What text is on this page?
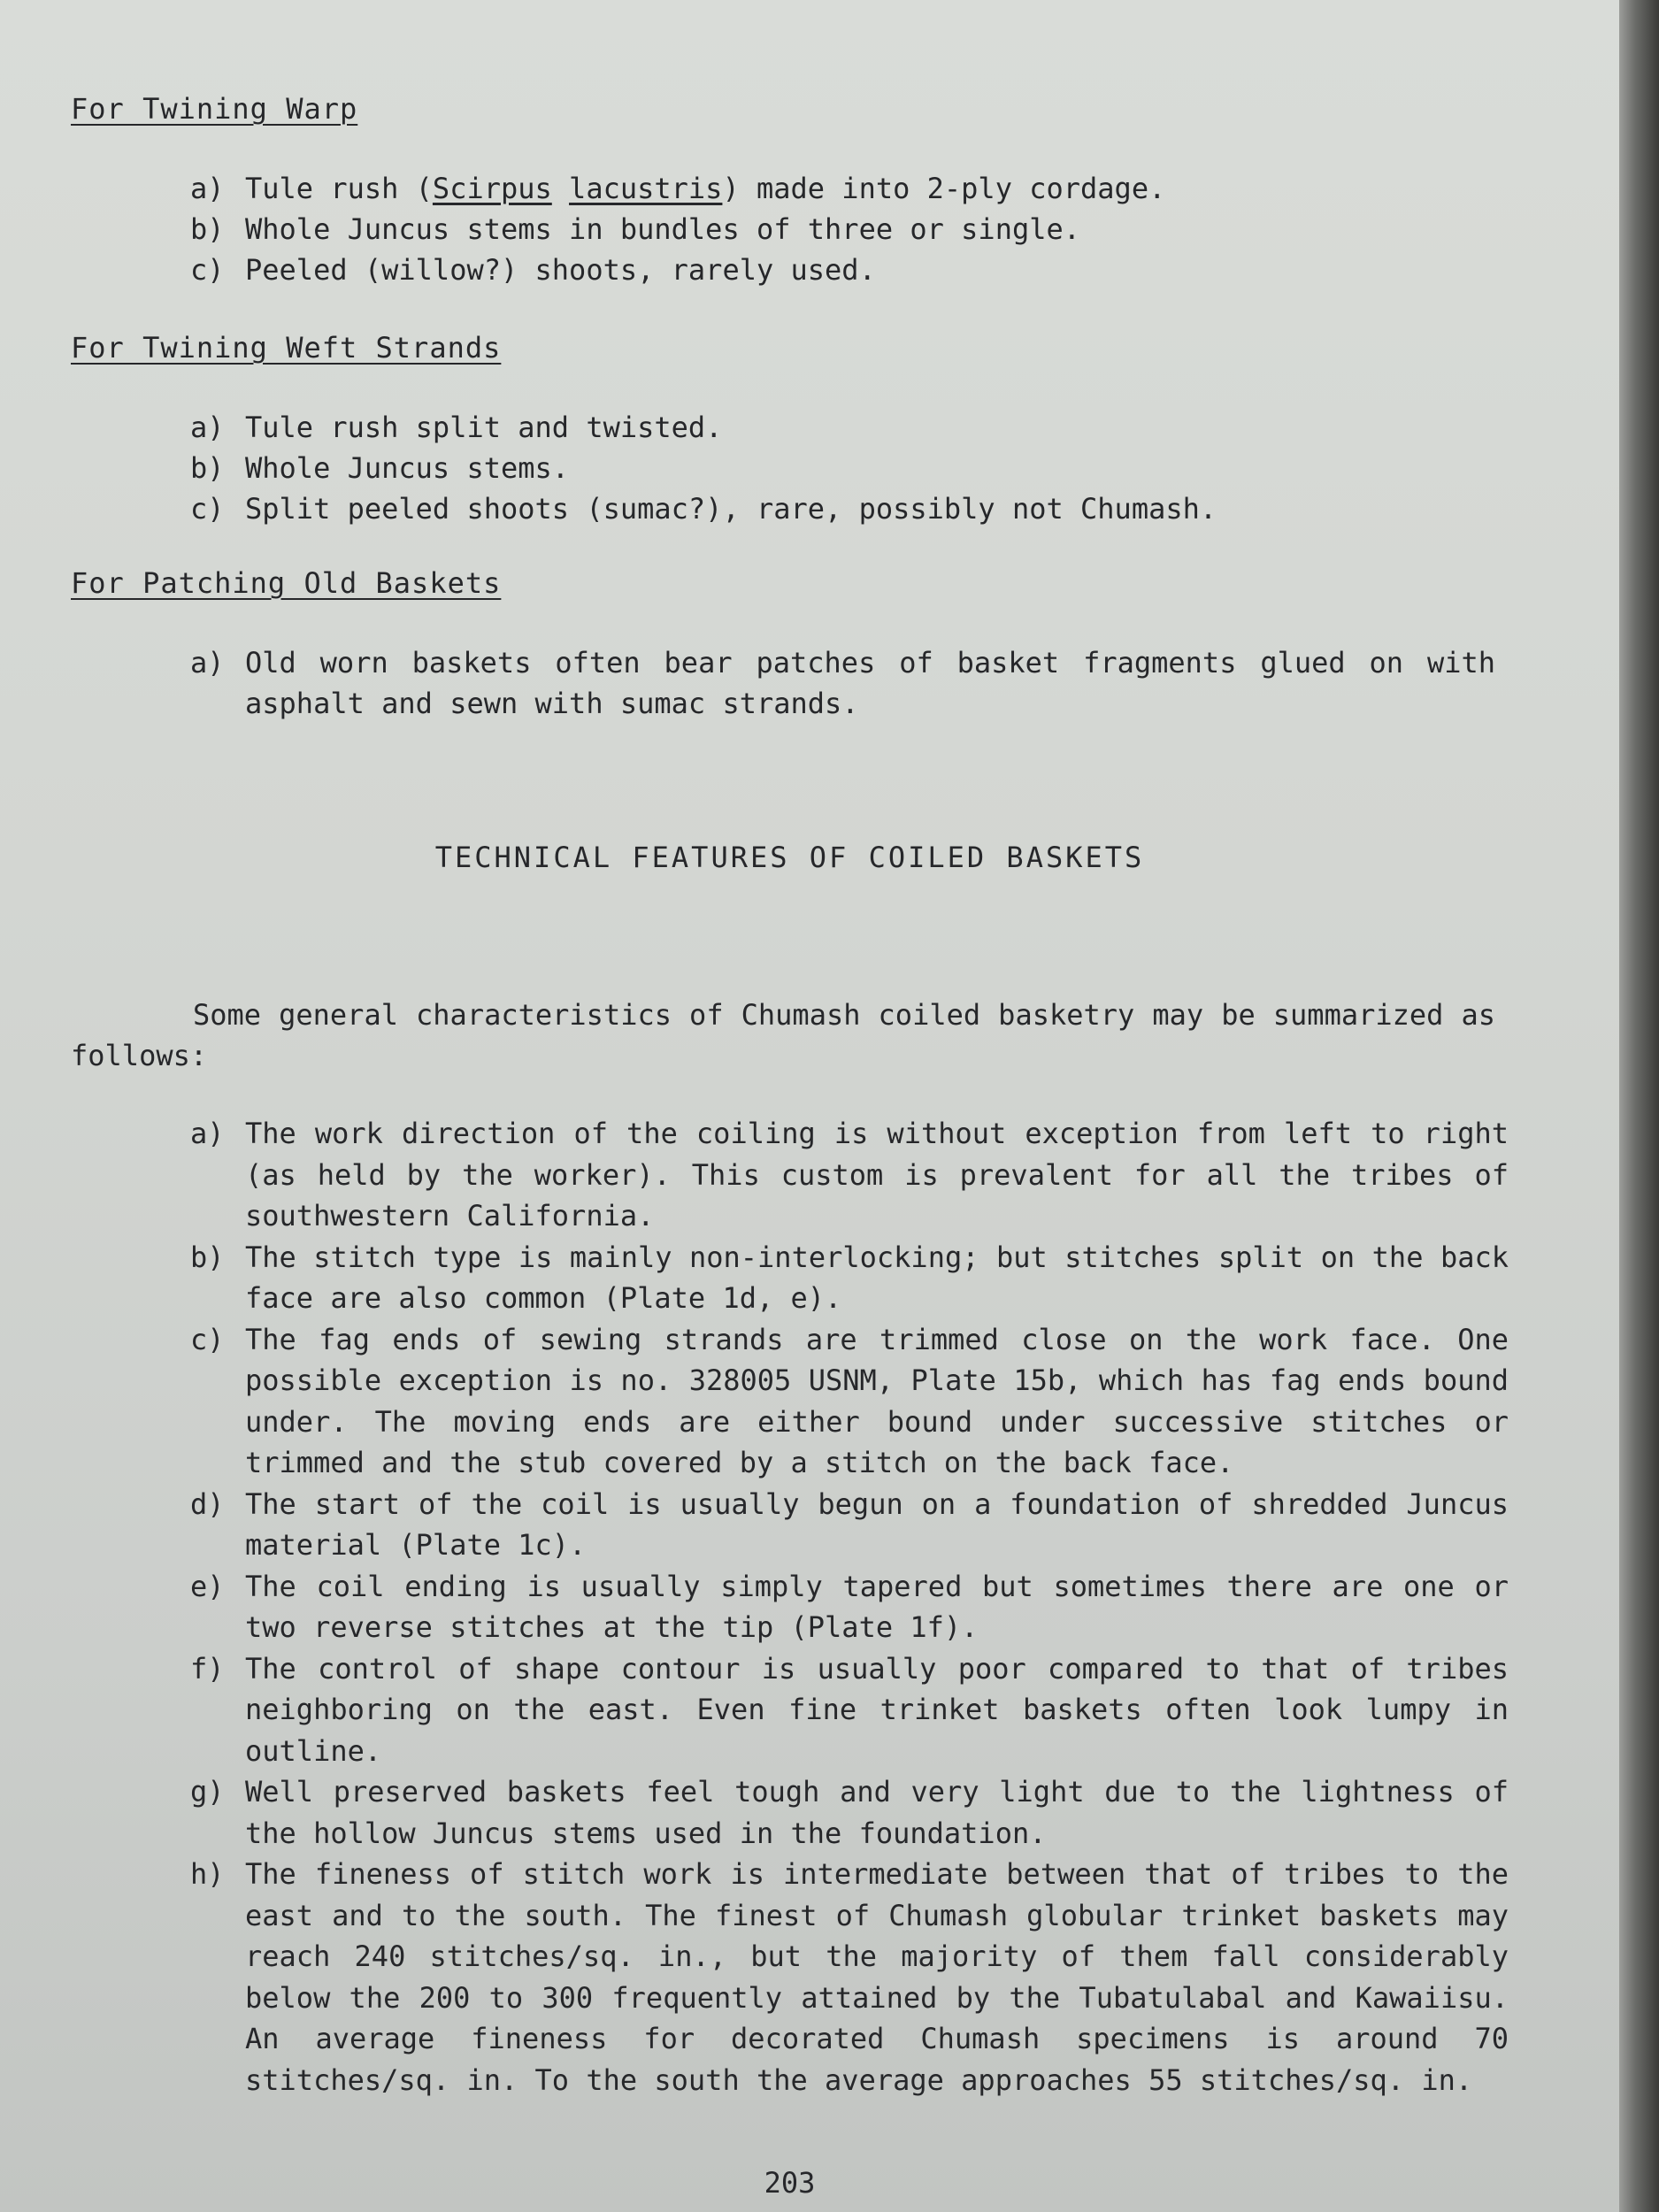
For Twining Warp
a) Tule rush (Scirpus lacustris) made into 2-ply cordage.
b) Whole Juncus stems in bundles of three or single.
c) Peeled (willow?) shoots, rarely used.
For Twining Weft Strands
a) Tule rush split and twisted.
b) Whole Juncus stems.
c) Split peeled shoots (sumac?), rare, possibly not Chumash.
For Patching Old Baskets
a) Old worn baskets often bear patches of basket fragments glued on with asphalt and sewn with sumac strands.
TECHNICAL FEATURES OF COILED BASKETS

Some general characteristics of Chumash coiled basketry may be summarized as follows:

a) The work direction of the coiling is without exception from left to right (as held by the worker). This custom is prevalent for all the tribes of southwestern California.
b) The stitch type is mainly non-interlocking; but stitches split on the back face are also common (Plate 1d, e).
c) The fag ends of sewing strands are trimmed close on the work face. One possible exception is no. 328005 USNM, Plate 15b, which has fag ends bound under. The moving ends are either bound under successive stitches or trimmed and the stub covered by a stitch on the back face.
d) The start of the coil is usually begun on a foundation of shredded Juncus material (Plate 1c).
e) The coil ending is usually simply tapered but sometimes there are one or two reverse stitches at the tip (Plate 1f).
f) The control of shape contour is usually poor compared to that of tribes neighboring on the east. Even fine trinket baskets often look lumpy in outline.
g) Well preserved baskets feel tough and very light due to the lightness of the hollow Juncus stems used in the foundation.
h) The fineness of stitch work is intermediate between that of tribes to the east and to the south. The finest of Chumash globular trinket baskets may reach 240 stitches/sq. in., but the majority of them fall considerably below the 200 to 300 frequently attained by the Tubatulabal and Kawaiisu. An average fineness for decorated Chumash specimens is around 70 stitches/sq. in. To the south the average approaches 55 stitches/sq. in.
203
